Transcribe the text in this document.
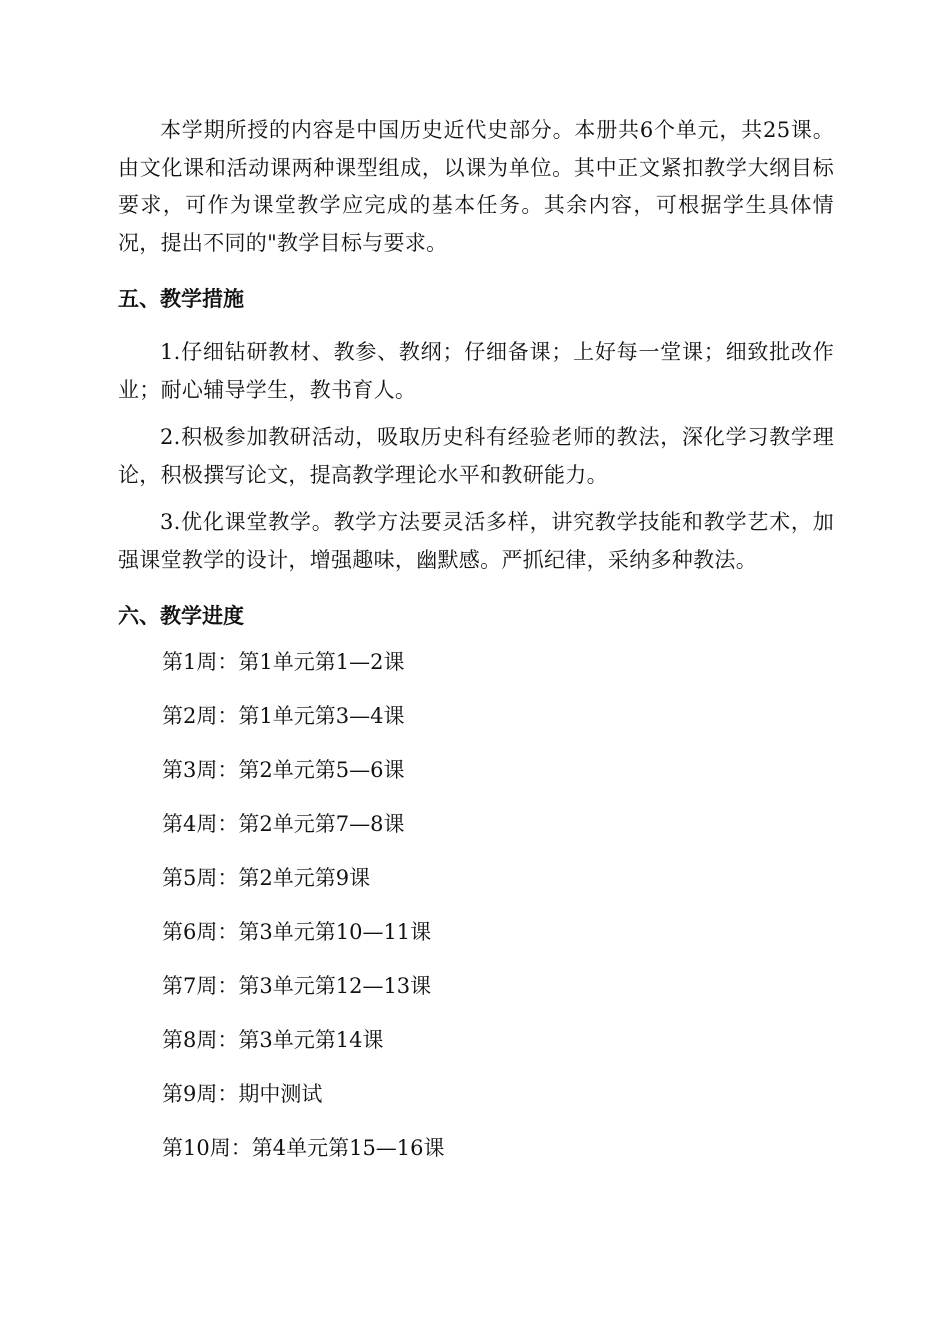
本学期所授的内容是中国历史近代史部分。本册共6个单元，共25课。由文化课和活动课两种课型组成，以课为单位。其中正文紧扣教学大纲目标要求，可作为课堂教学应完成的基本任务。其余内容，可根据学生具体情况，提出不同的"教学目标与要求。

五、教学措施

1.仔细钻研教材、教参、教纲；仔细备课；上好每一堂课；细致批改作业；耐心辅导学生，教书育人。

2.积极参加教研活动，吸取历史科有经验老师的教法，深化学习教学理论，积极撰写论文，提高教学理论水平和教研能力。

3.优化课堂教学。教学方法要灵活多样，讲究教学技能和教学艺术，加强课堂教学的设计，增强趣味，幽默感。严抓纪律，采纳多种教法。

六、教学进度
第1周：第1单元第1—2课
第2周：第1单元第3—4课
第3周：第2单元第5—6课
第4周：第2单元第7—8课
第5周：第2单元第9课
第6周：第3单元第10—11课
第7周：第3单元第12—13课
第8周：第3单元第14课
第9周：期中测试
第10周：第4单元第15—16课
